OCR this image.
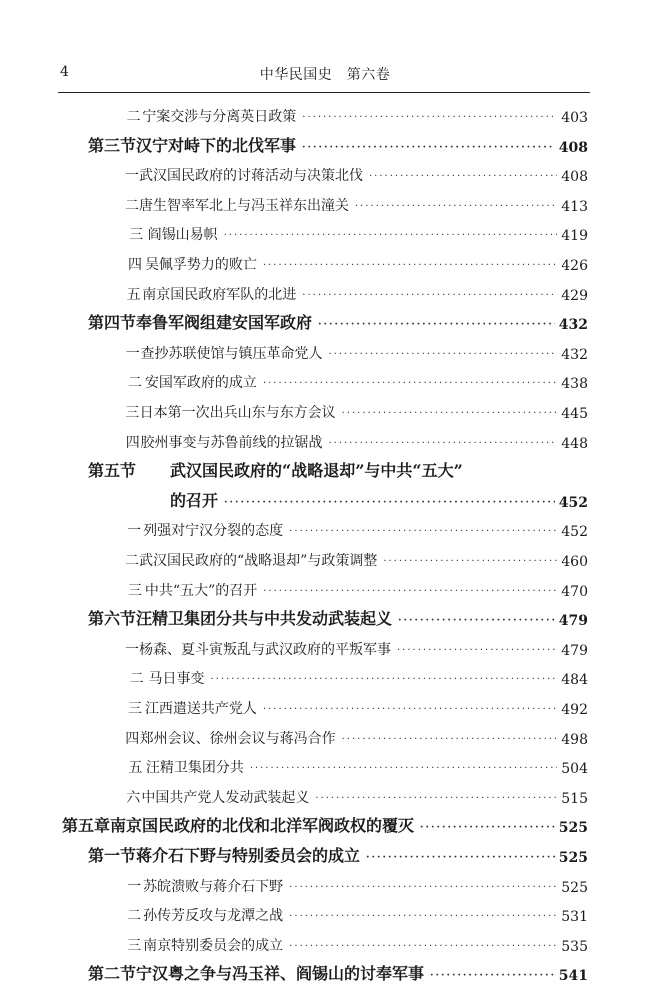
4	中华民国史　第六卷
二 宁案交涉与分离英日政策 ·····	403
第三节 汉宁对峙下的北伐军事 ·····	408
一 武汉国民政府的讨蒋活动与决策北伐 ·····	408
二 唐生智率军北上与冯玉祥东出潼关 ·····	413
三 阎锡山易帜 ·····	419
四 吴佩孚势力的败亡 ·····	426
五 南京国民政府军队的北进 ·····	429
第四节 奉鲁军阀组建安国军政府 ·····	432
一 查抄苏联使馆与镇压革命党人 ·····	432
二 安国军政府的成立 ·····	438
三 日本第一次出兵山东与东方会议 ·····	445
四 胶州事变与苏鲁前线的拉锯战 ·····	448
第五节	武汉国民政府的“战略退却”与中共“五大”
的召开 ·····	452
一 列强对宁汉分裂的态度 ·····	452
二 武汉国民政府的“战略退却”与政策调整 ·····	460
三 中共“五大”的召开 ·····	470
第六节 汪精卫集团分共与中共发动武装起义 ·····	479
一 杨森、夏斗寅叛乱与武汉政府的平叛军事 ·····	479
二 马日事变 ·····	484
三 江西遣送共产党人 ·····	492
四 郑州会议、徐州会议与蒋冯合作 ·····	498
五 汪精卫集团分共 ·····	504
六 中国共产党人发动武装起义 ·····	515
第五章 南京国民政府的北伐和北洋军阀政权的覆灭 ·····	525
第一节 蒋介石下野与特别委员会的成立 ·····	525
一 苏皖溃败与蒋介石下野 ·····	525
二 孙传芳反攻与龙潭之战 ·····	531
三 南京特别委员会的成立 ·····	535
第二节 宁汉粤之争与冯玉祥、阎锡山的讨奉军事 ·····	541
